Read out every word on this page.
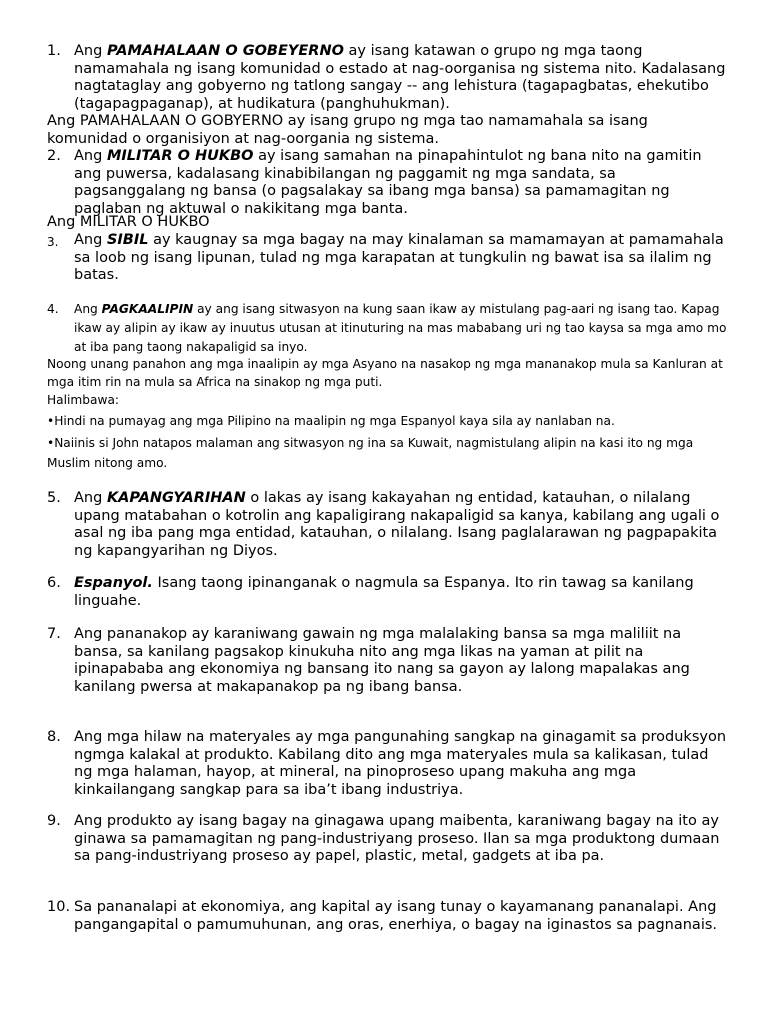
1. Ang PAMAHALAAN O GOBEYERNO ay isang katawan o grupo ng mga taong namamahala ng isang komunidad o estado at nag-oorganisa ng sistema nito. Kadalasang nagtataglay ang gobyerno ng tatlong sangay -- ang lehistura (tagapagbatas, ehekutibo (tagapagpaganap), at hudikatura (panghuhukman).
Ang PAMAHALAAN O GOBYERNO ay isang grupo ng mga tao namamahala sa isang komunidad o organisiyon at nag-oorgania ng sistema.
2. Ang MILITAR O HUKBO ay isang samahan na pinapahintulot ng bana nito na gamitin ang puwersa, kadalasang kinabibilangan ng paggamit ng mga sandata, sa pagsanggalang ng bansa (o pagsalakay sa ibang mga bansa) sa pamamagitan ng paglaban ng aktuwal o nakikitang mga banta.
Ang MILITAR O HUKBO
3. Ang SIBIL ay kaugnay sa mga bagay na may kinalaman sa mamamayan at pamamahala sa loob ng isang lipunan, tulad ng mga karapatan at tungkulin ng bawat isa sa ilalim ng batas.
4. Ang PAGKAALIPIN ay ang isang sitwasyon na kung saan ikaw ay mistulang pag-aari ng isang tao. Kapag ikaw ay alipin ay ikaw ay inuutus utusan at itinuturing na mas mababang uri ng tao kaysa sa mga amo mo at iba pang taong nakapaligid sa inyo.
Noong unang panahon ang mga inaalipin ay mga Asyano na nasakop ng mga mananakop mula sa Kanluran at mga itim rin na mula sa Africa na sinakop ng mga puti.
Halimbawa:
•Hindi na pumayag ang mga Pilipino na maalipin ng mga Espanyol kaya sila ay nanlaban na.
•Naiinis si John natapos malaman ang sitwasyon ng ina sa Kuwait, nagmistulang alipin na kasi ito ng mga Muslim nitong amo.
5. Ang KAPANGYARIHAN o lakas ay isang kakayahan ng entidad, katauhan, o nilalang upang matabahan o kotrolin ang kapaligirang nakapaligid sa kanya, kabilang ang ugali o asal ng iba pang mga entidad, katauhan, o nilalang. Isang paglalarawan ng pagpapakita ng kapangyarihan ng Diyos.
6. Espanyol. Isang taong ipinanganak o nagmula sa Espanya. Ito rin tawag sa kanilang linguahe.
7. Ang pananakop ay karaniwang gawain ng mga malalaking bansa sa mga maliliit na bansa, sa kanilang pagsakop kinukuha nito ang mga likas na yaman at pilit na ipinapababa ang ekonomiya ng bansang ito nang sa gayon ay lalong mapalakas ang kanilang pwersa at makapanakop pa ng ibang bansa.
8. Ang mga hilaw na materyales ay mga pangunahing sangkap na ginagamit sa produksyon ngmga kalakal at produkto. Kabilang dito ang mga materyales mula sa kalikasan, tulad ng mga halaman, hayop, at mineral, na pinoproseso upang makuha ang mga kinkailangang sangkap para sa iba’t ibang industriya.
9. Ang produkto ay isang bagay na ginagawa upang maibenta, karaniwang bagay na ito ay ginawa sa pamamagitan ng pang-industriyang proseso. Ilan sa mga produktong dumaan sa pang-industriyang proseso ay papel, plastic, metal, gadgets at iba pa.
10. Sa pananalapi at ekonomiya, ang kapital ay isang tunay o kayamanang pananalapi. Ang pangangapital o pamumuhunan, ang oras, enerhiya, o bagay na iginastos sa pagnanais.
